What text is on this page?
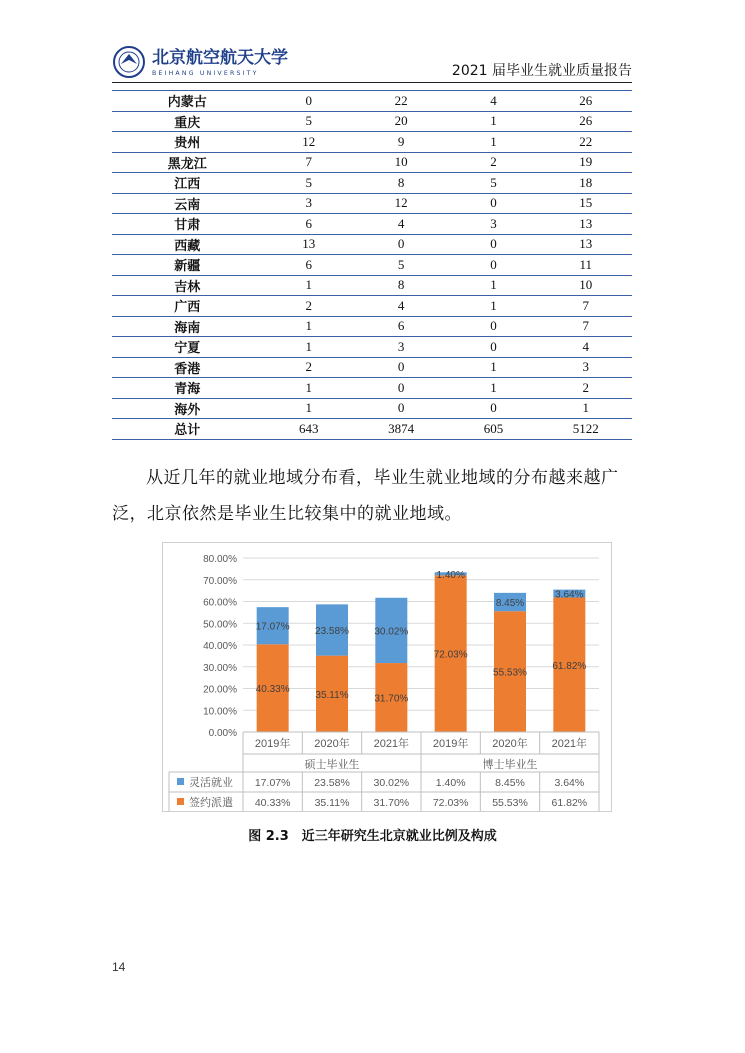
北京航空航天大学
BEIHANG UNIVERSITY	2021 届毕业生就业质量报告
内蒙古	0	22	4	26
重庆	5	20	1	26
贵州	12	9	1	22
黑龙江	7	10	2	19
江西	5	8	5	18
云南	3	12	0	15
甘肃	6	4	3	13
西藏	13	0	0	13
新疆	6	5	0	11
吉林	1	8	1	10
广西	2	4	1	7
海南	1	6	0	7
宁夏	1	3	0	4
香港	2	0	1	3
青海	1	0	1	2
海外	1	0	0	1
总计	643	3874	605	5122
从近几年的就业地域分布看，毕业生就业地域的分布越来越广泛，北京依然是毕业生比较集中的就业地域。
0.00%
10.00%
20.00%
30.00%
40.00%
50.00%
60.00%
70.00%
80.00%
40.33%
17.07%
35.11%
23.58%
31.70%
30.02%
72.03%
1.40%
55.53%
8.45%
61.82%
3.64%
2019年 2020年 2021年 2019年 2020年 2021年
硕士毕业生	博士毕业生
灵活就业 17.07% 23.58% 30.02%	1.40%	8.45%	3.64%
签约派遣 40.33% 35.11% 31.70% 72.03% 55.53% 61.82%
图 2.3　近三年研究生北京就业比例及构成
14
